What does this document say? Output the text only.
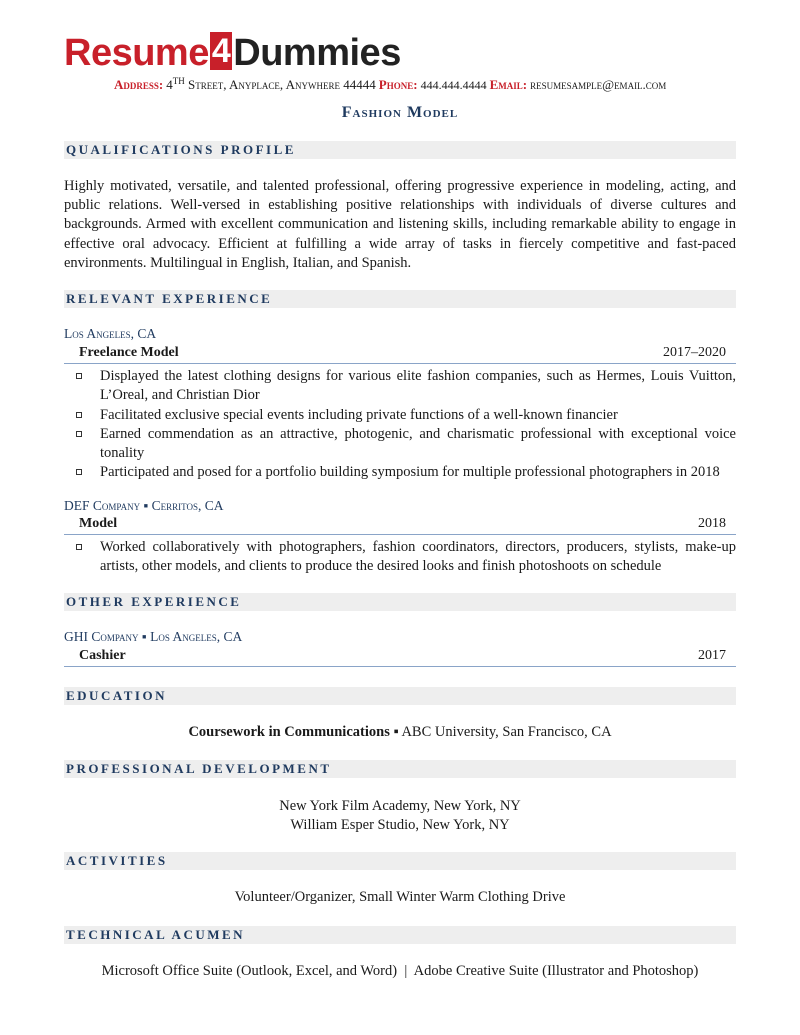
Resume4Dummies
Address: 4th Street, Anyplace, Anywhere 44444 Phone: 444.444.4444 Email: resumesample@email.com
Fashion Model
QUALIFICATIONS PROFILE

Highly motivated, versatile, and talented professional, offering progressive experience in modeling, acting, and public relations. Well-versed in establishing positive relationships with individuals of diverse cultures and backgrounds. Armed with excellent communication and listening skills, including remarkable ability to engage in effective oral advocacy. Efficient at fulfilling a wide array of tasks in fiercely competitive and fast-paced environments. Multilingual in English, Italian, and Spanish.

RELEVANT EXPERIENCE
Los Angeles, CA
Freelance Model	2017–2020
Displayed the latest clothing designs for various elite fashion companies, such as Hermes, Louis Vuitton, L’Oreal, and Christian Dior
Facilitated exclusive special events including private functions of a well-known financier
Earned commendation as an attractive, photogenic, and charismatic professional with exceptional voice tonality
Participated and posed for a portfolio building symposium for multiple professional photographers in 2018
DEF Company ▪ Cerritos, CA
Model	2018
Worked collaboratively with photographers, fashion coordinators, directors, producers, stylists, make-up artists, other models, and clients to produce the desired looks and finish photoshoots on schedule
OTHER EXPERIENCE
GHI Company ▪ Los Angeles, CA
Cashier	2017
EDUCATION
Coursework in Communications ▪ ABC University, San Francisco, CA
PROFESSIONAL DEVELOPMENT
New York Film Academy, New York, NY
William Esper Studio, New York, NY
ACTIVITIES
Volunteer/Organizer, Small Winter Warm Clothing Drive
TECHNICAL ACUMEN
Microsoft Office Suite (Outlook, Excel, and Word)  |  Adobe Creative Suite (Illustrator and Photoshop)
